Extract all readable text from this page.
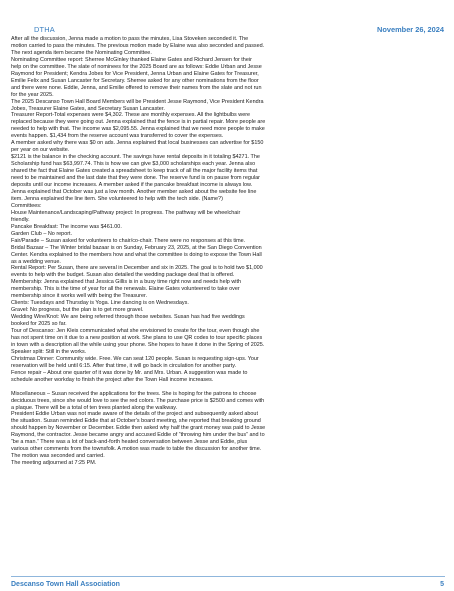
DTHA	November 26, 2024
After all the discussion, Jenna made a motion to pass the minutes, Lisa Stoveken seconded it. The
motion carried to pass the minutes. The previous motion made by Elaine was also seconded and passed.
The next agenda item became the Nominating Committee.
Nominating Committee report: Sherree McGinley thanked Elaine Gates and Richard Jensen for their
help on the committee. The slate of nominees for the 2025 Board are as follows: Eddie Urban and Jesse
Raymond for President; Kendra Jobes for Vice President, Jenna Urban and Elaine Gates for Treasurer,
Emilie Felix and Susan Lancaster for Secretary. Sherree asked for any other nominations from the floor
and there were none. Eddie, Jenna, and Emilie offered to remove their names from the slate and not run
for the year 2025.
The 2025 Descanso Town Hall Board Members will be President Jesse Raymond, Vice President Kendra
Jobes, Treasurer Elaine Gates, and Secretary Susan Lancaster.
Treasurer Report-Total expenses were $4,302. These are monthly expenses. All the lightbulbs were
replaced because they were going out. Jenna explained that the fence is in partial repair. More people are
needed to help with that. The income was $2,095.55. Jenna explained that we need more people to make
events happen. $1,434 from the reserve account was transferred to cover the expenses.
A member asked why there was $0 on ads. Jenna explained that local businesses can advertise for $150
per year on our website.
$2121 is the balance in the checking account. The savings have rental deposits in it totaling $4271. The
Scholarship fund has $63,997.74. This is how we can give $3,000 scholarships each year. Jenna also
shared the fact that Elaine Gates created a spreadsheet to keep track of all the major facility items that
need to be maintained and the last date that they were done. The reserve fund is on pause from regular
deposits until our income increases. A member asked if the pancake breakfast income is always low.
Jenna explained that October was just a low month. Another member asked about the website fee line
item. Jenna explained the line item. She volunteered to help with the tech side. (Name?)
Committees:
House Maintenance/Landscaping/Pathway project: In progress. The pathway will be wheelchair
friendly.
Pancake Breakfast: The income was $461.00.
Garden Club – No report.
Fair/Parade – Susan asked for volunteers to chair/co-chair. There were no responses at this time.
Bridal Bazaar – The Winter bridal bazaar is on Sunday, February 23, 2025, at the San Diego Convention
Center. Kendra explained to the members how and what the committee is doing to expose the Town Hall
as a wedding venue.
Rental Report: Per Susan, there are several in December and six in 2025. The goal is to hold two $1,000
events to help with the budget. Susan also detailed the wedding package deal that is offered.
Membership: Jenna explained that Jessica Gillis is in a busy time right now and needs help with
membership. This is the time of year for all the renewals. Elaine Gates volunteered to take over
membership since it works well with being the Treasurer.
Clients: Tuesdays and Thursday is Yoga. Line dancing is on Wednesdays.
Gravel: No progress, but the plan is to get more gravel.
Wedding Wire/Knot: We are being referred through those websites. Susan has had five weddings
booked for 2025 so far.
Tour of Descanso: Jen Kleis communicated what she envisioned to create for the tour, even though she
has not spent time on it due to a new position at work. She plans to use QR codes to tour specific places
in town with a description all the while using your phone. She hopes to have it done in the Spring of 2025.
Speaker split: Still in the works.
Christmas Dinner: Community wide. Free. We can seat 120 people. Susan is requesting sign-ups. Your
reservation will be held until 6:15. After that time, it will go back in circulation for another party.
Fence repair – About one quarter of it was done by Mr. and Mrs. Urban. A suggestion was made to
schedule another workday to finish the project after the Town Hall income increases.
Miscellaneous – Susan received the applications for the trees. She is hoping for the patrons to choose
deciduous trees, since she would love to see the red colors. The purchase price is $2500 and comes with
a plaque. There will be a total of ten trees planted along the walkway.
President Eddie Urban was not made aware of the details of the project and subsequently asked about
the situation. Susan reminded Eddie that at October's board meeting, she reported that breaking ground
should happen by November or December. Eddie then asked why half the grant money was paid to Jesse
Raymond, the contractor. Jesse became angry and accused Eddie of “throwing him under the bus” and to
“be a man.” There was a lot of back-and-forth heated conversation between Jesse and Eddie, plus
various other comments from the townsfolk. A motion was made to table the discussion for another time.
The motion was seconded and carried.
The meeting adjourned at 7:25 PM.
Descanso Town Hall Association	5
